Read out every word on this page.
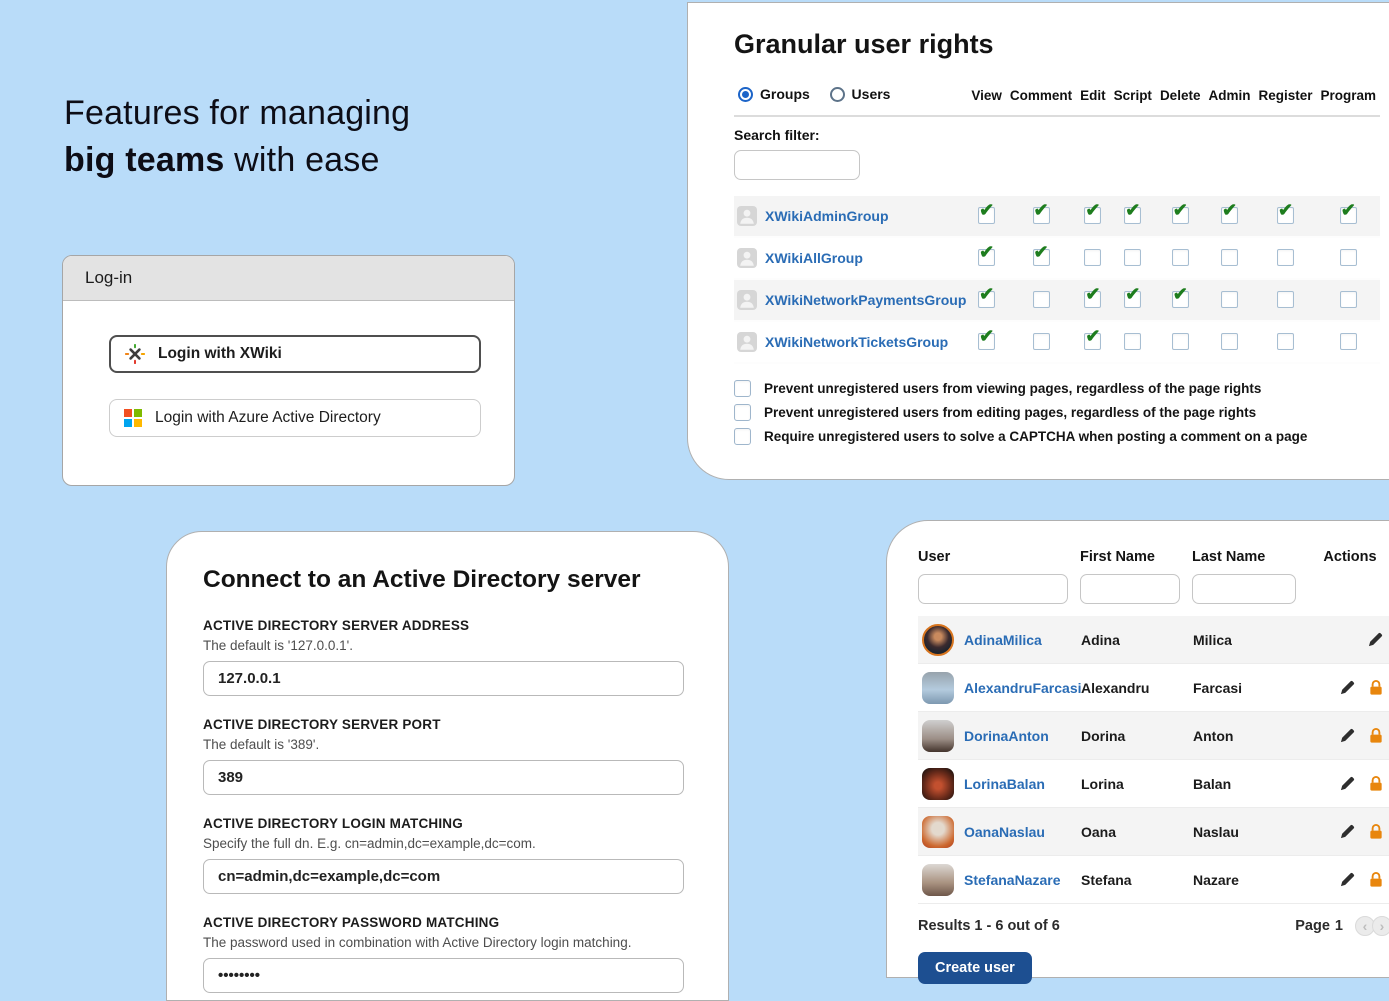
Features for managing
big teams with ease
Log-in
Login with XWiki
Login with Azure Active Directory
Granular user rights
Groups
Users	View	Comment	Edit	Script	Delete	Admin	Register	Program

Search filter:								

XWikiAdminGroup
	✔	✔	✔	✔	✔	✔	✔	✔

XWikiAllGroup
	✔	✔						

XWikiNetworkPaymentsGroup
	✔		✔	✔	✔			

XWikiNetworkTicketsGroup
	✔		✔					
Prevent unregistered users from viewing pages, regardless of the page rights
Prevent unregistered users from editing pages, regardless of the page rights
Require unregistered users to solve a CAPTCHA when posting a comment on a page
Connect to an Active Directory server
ACTIVE DIRECTORY SERVER ADDRESS
The default is '127.0.0.1'.
127.0.0.1
ACTIVE DIRECTORY SERVER PORT
The default is '389'.
389
ACTIVE DIRECTORY LOGIN MATCHING
Specify the full dn. E.g. cn=admin,dc=example,dc=com.
cn=admin,dc=example,dc=com
ACTIVE DIRECTORY PASSWORD MATCHING
The password used in combination with Active Directory login matching.
••••••••
User	First Name	Last Name	Actions

AdinaMilica	Adina	Milica	

AlexandruFarcasi	Alexandru	Farcasi	

DorinaAnton	Dorina	Anton	

LorinaBalan	Lorina	Balan	

OanaNaslau	Oana	Naslau	

StefanaNazare	Stefana	Nazare	
Results 1 - 6 out of 6	Page 1	‹ ›
Create user
